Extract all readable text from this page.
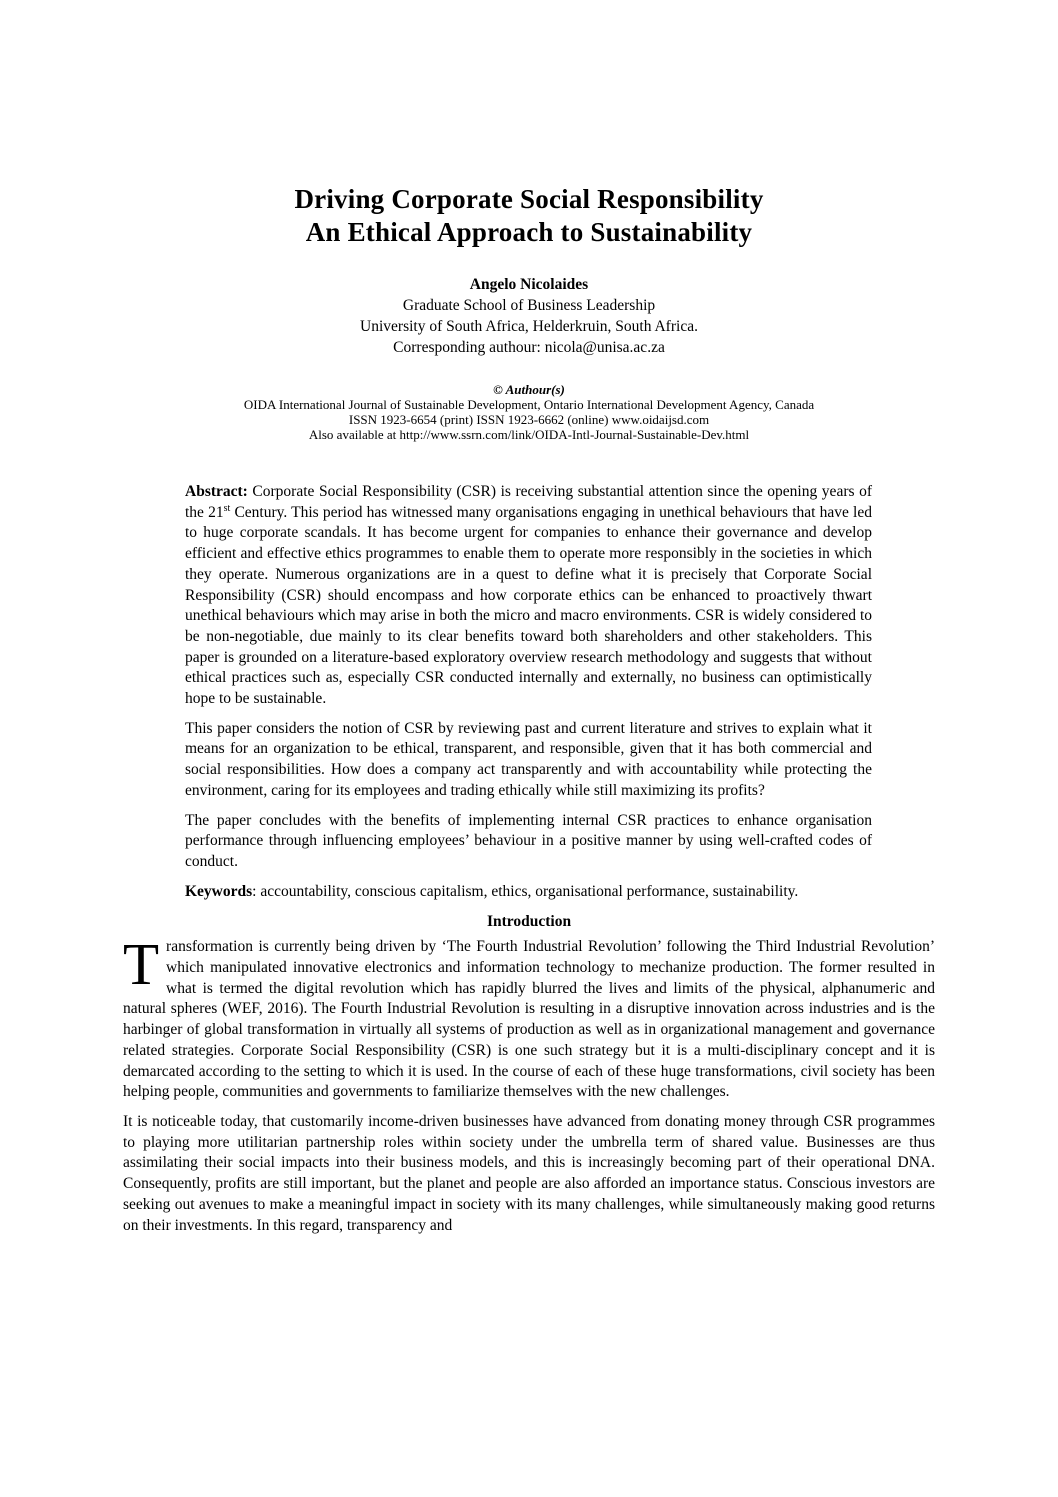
Driving Corporate Social Responsibility
An Ethical Approach to Sustainability
Angelo Nicolaides
Graduate School of Business Leadership
University of South Africa, Helderkruin, South Africa.
Corresponding authour: nicola@unisa.ac.za
© Authour(s)
OIDA International Journal of Sustainable Development, Ontario International Development Agency, Canada
ISSN 1923-6654 (print) ISSN 1923-6662 (online) www.oidaijsd.com
Also available at http://www.ssrn.com/link/OIDA-Intl-Journal-Sustainable-Dev.html

Abstract: Corporate Social Responsibility (CSR) is receiving substantial attention since the opening years of the 21st Century. This period has witnessed many organisations engaging in unethical behaviours that have led to huge corporate scandals. It has become urgent for companies to enhance their governance and develop efficient and effective ethics programmes to enable them to operate more responsibly in the societies in which they operate. Numerous organizations are in a quest to define what it is precisely that Corporate Social Responsibility (CSR) should encompass and how corporate ethics can be enhanced to proactively thwart unethical behaviours which may arise in both the micro and macro environments. CSR is widely considered to be non-negotiable, due mainly to its clear benefits toward both shareholders and other stakeholders. This paper is grounded on a literature-based exploratory overview research methodology and suggests that without ethical practices such as, especially CSR conducted internally and externally, no business can optimistically hope to be sustainable.

This paper considers the notion of CSR by reviewing past and current literature and strives to explain what it means for an organization to be ethical, transparent, and responsible, given that it has both commercial and social responsibilities. How does a company act transparently and with accountability while protecting the environment, caring for its employees and trading ethically while still maximizing its profits?

The paper concludes with the benefits of implementing internal CSR practices to enhance organisation performance through influencing employees’ behaviour in a positive manner by using well-crafted codes of conduct.

Keywords: accountability, conscious capitalism, ethics, organisational performance, sustainability.

Introduction

Transformation is currently being driven by ‘The Fourth Industrial Revolution’ following the Third Industrial Revolution’ which manipulated innovative electronics and information technology to mechanize production. The former resulted in what is termed the digital revolution which has rapidly blurred the lives and limits of the physical, alphanumeric and natural spheres (WEF, 2016). The Fourth Industrial Revolution is resulting in a disruptive innovation across industries and is the harbinger of global transformation in virtually all systems of production as well as in organizational management and governance related strategies. Corporate Social Responsibility (CSR) is one such strategy but it is a multi-disciplinary concept and it is demarcated according to the setting to which it is used. In the course of each of these huge transformations, civil society has been helping people, communities and governments to familiarize themselves with the new challenges.

It is noticeable today, that customarily income-driven businesses have advanced from donating money through CSR programmes to playing more utilitarian partnership roles within society under the umbrella term of shared value. Businesses are thus assimilating their social impacts into their business models, and this is increasingly becoming part of their operational DNA. Consequently, profits are still important, but the planet and people are also afforded an importance status. Conscious investors are seeking out avenues to make a meaningful impact in society with its many challenges, while simultaneously making good returns on their investments. In this regard, transparency and
